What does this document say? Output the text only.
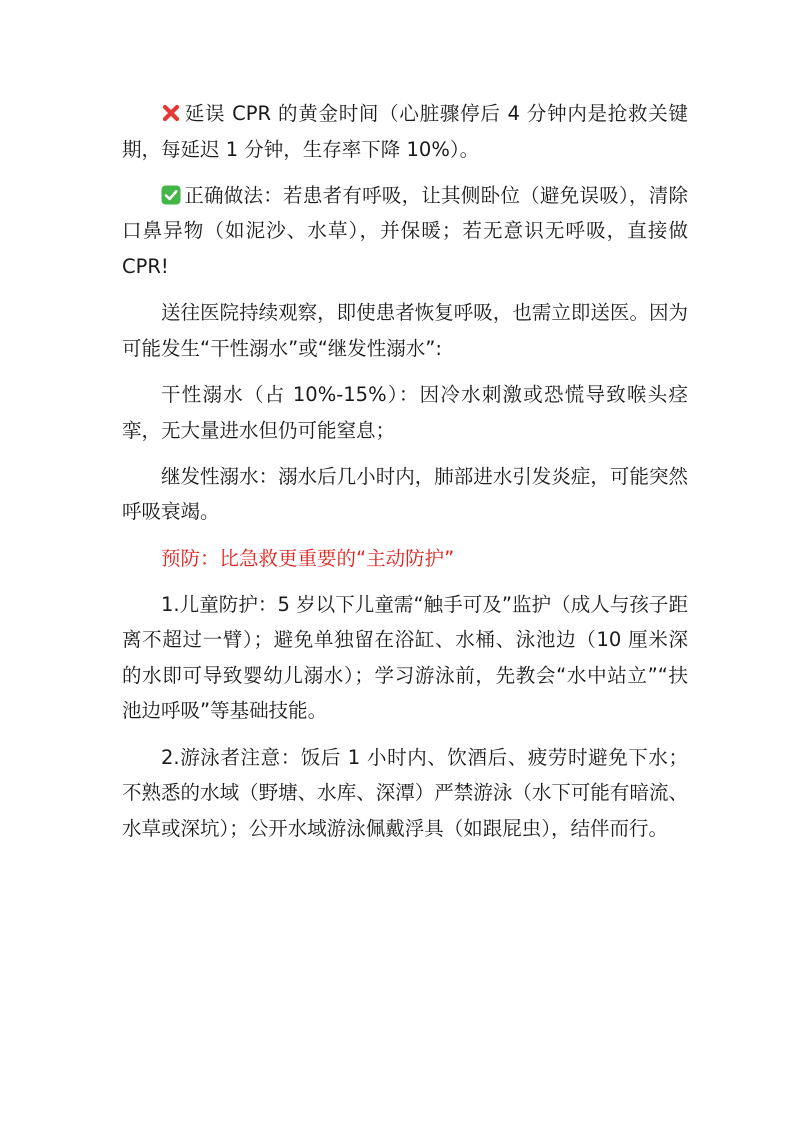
延误 CPR 的黄金时间（心脏骤停后 4 分钟内是抢救关键期，每延迟 1 分钟，生存率下降 10%）。

正确做法：若患者有呼吸，让其侧卧位（避免误吸），清除口鼻异物（如泥沙、水草），并保暖；若无意识无呼吸，直接做 CPR!

送往医院持续观察，即使患者恢复呼吸，也需立即送医。因为可能发生“干性溺水”或“继发性溺水”:

干性溺水（占 10%-15%）：因冷水刺激或恐慌导致喉头痉挛，无大量进水但仍可能窒息；

继发性溺水：溺水后几小时内，肺部进水引发炎症，可能突然呼吸衰竭。

预防：比急救更重要的“主动防护”

1.儿童防护：5 岁以下儿童需“触手可及”监护（成人与孩子距离不超过一臂）；避免单独留在浴缸、水桶、泳池边（10 厘米深的水即可导致婴幼儿溺水）；学习游泳前，先教会“水中站立”“扶池边呼吸”等基础技能。

2.游泳者注意：饭后 1 小时内、饮酒后、疲劳时避免下水；不熟悉的水域（野塘、水库、深潭）严禁游泳（水下可能有暗流、水草或深坑）；公开水域游泳佩戴浮具（如跟屁虫），结伴而行。
